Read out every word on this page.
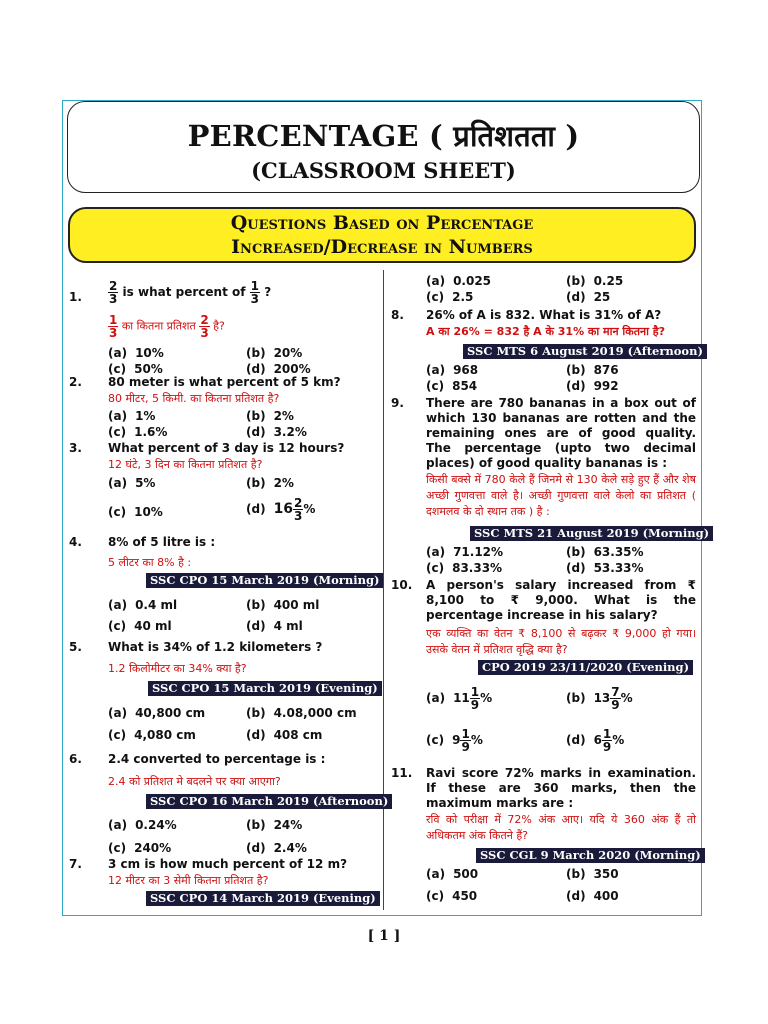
PERCENTAGE ( प्रतिशतता )
(CLASSROOM SHEET)
Questions Based on Percentage
Increased/Decrease in Numbers
1. $\frac{2}{3}$ is what percent of $\frac{1}{3}$ ?
$\frac{1}{3}$ का कितना प्रतिशत $\frac{2}{3}$ है?
(a) 10%	(b) 20%
(c) 50%	(d) 200%
2. 80 meter is what percent of 5 km?
80 मीटर, 5 किमी. का कितना प्रतिशत है?
(a) 1%	(b) 2%
(c) 1.6%	(d) 3.2%
3. What percent of 3 day is 12 hours?
12 घंटे, 3 दिन का कितना प्रतिशत है?
(a) 5%	(b) 2%
(c) 10%	(d) $16 \frac{2}{3}$ %
4. 8% of 5 litre is :
5 लीटर का 8% है :
SSC CPO 15 March 2019 (Morning)
(a) 0.4 ml	(b) 400 ml
(c) 40 ml	(d) 4 ml
5. What is 34% of 1.2 kilometers ?
1.2 किलोमीटर का 34% क्या है?
SSC CPO 15 March 2019 (Evening)
(a) 40,800 cm	(b) 4.08,000 cm
(c) 4,080 cm	(d) 408 cm
6. 2.4 converted to percentage is :
2.4 को प्रतिशत मे बदलने पर क्या आएगा?
SSC CPO 16 March 2019 (Afternoon)
(a) 0.24%	(b) 24%
(c) 240%	(d) 2.4%
7. 3 cm is how much percent of 12 m?
12 मीटर का 3 सेमी कितना प्रतिशत है?
SSC CPO 14 March 2019 (Evening)
(a) 0.025	(b) 0.25
(c) 2.5	(d) 25
8. 26% of A is 832. What is 31% of A?
A का 26% = 832 है A के 31% का मान कितना है?
SSC MTS 6 August 2019 (Afternoon)
(a) 968	(b) 876
(c) 854	(d) 992
9. There are 780 bananas in a box out of which 130 bananas are rotten and the remaining ones are of good quality. The percentage (upto two decimal places) of good quality bananas is :
किसी बक्से में 780 केले हैं जिनमे से 130 केले सड़े हुए हैं और शेष अच्छी गुणवत्ता वाले है। अच्छी गुणवत्ता वाले केलो का प्रतिशत ( दशमलव के दो स्थान तक ) है :
SSC MTS 21 August 2019 (Morning)
(a) 71.12%	(b) 63.35%
(c) 83.33%	(d) 53.33%
10. A person's salary increased from ₹ 8,100 to ₹ 9,000. What is the percentage increase in his salary?
एक व्यक्ति का वेतन ₹ 8,100 से बढ़कर ₹ 9,000 हो गया। उसके वेतन में प्रतिशत वृद्धि क्या है?
CPO 2019 23/11/2020 (Evening)
(a) $11 \frac{1}{9}$ %	(b) $13 \frac{7}{9}$ %
(c) $9 \frac{1}{9}$ %	(d) $6 \frac{1}{9}$ %
11. Ravi score 72% marks in examination. If these are 360 marks, then the maximum marks are :
रवि को परीक्षा में 72% अंक आए। यदि ये 360 अंक हैं तो अधिकतम अंक कितने हैं?
SSC CGL 9 March 2020 (Morning)
(a) 500	(b) 350
(c) 450	(d) 400
[ 1 ]
